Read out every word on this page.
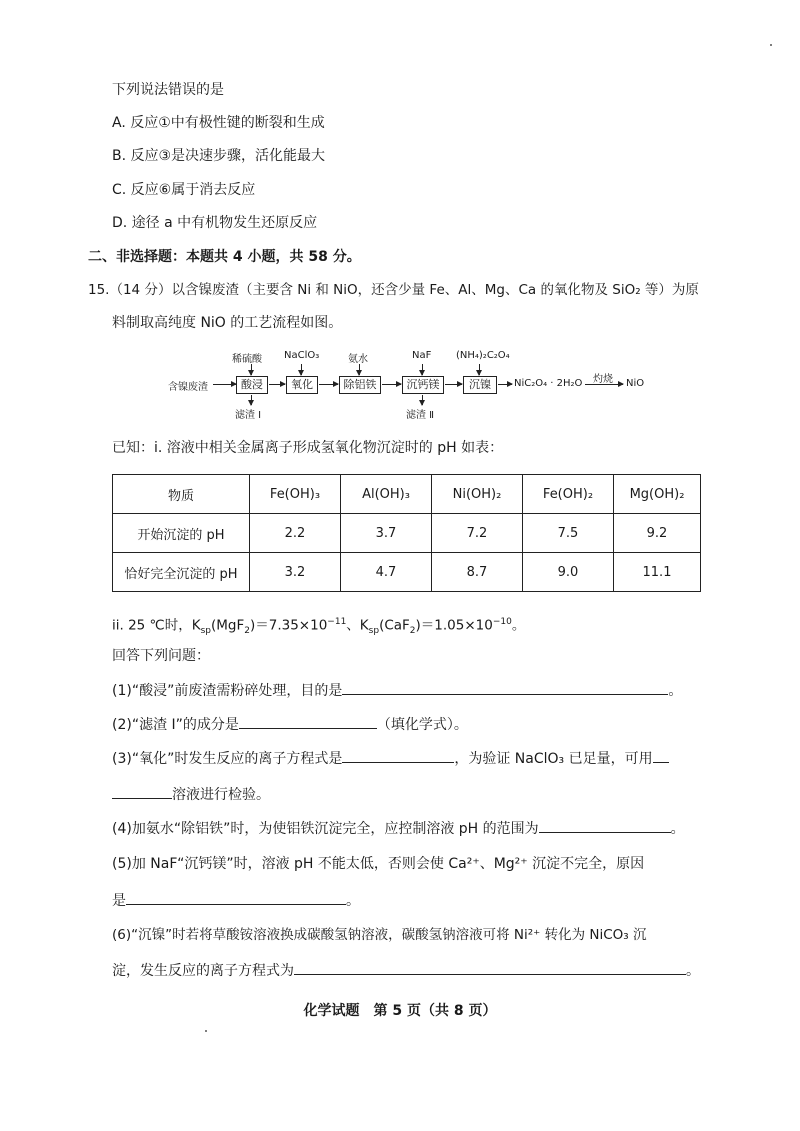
下列说法错误的是
A. 反应①中有极性键的断裂和生成
B. 反应③是决速步骤，活化能最大
C. 反应⑥属于消去反应
D. 途径 a 中有机物发生还原反应
二、非选择题：本题共 4 小题，共 58 分。
15.（14 分）以含镍废渣（主要含 Ni 和 NiO，还含少量 Fe、Al、Mg、Ca 的氧化物及 SiO₂ 等）为原
料制取高纯度 NiO 的工艺流程如图。
含镍废渣	酸浸
稀硫酸
滤渣 Ⅰ
氧化
NaClO₃
除铝铁
氨水
沉钙镁
NaF
滤渣 Ⅱ
沉镍
(NH₄)₂C₂O₄
NiC₂O₄ · 2H₂O 灼烧 NiO
已知：i. 溶液中相关金属离子形成氢氧化物沉淀时的 pH 如表：
物质	Fe(OH)₃	Al(OH)₃	Ni(OH)₂	Fe(OH)₂	Mg(OH)₂
开始沉淀的 pH	2.2	3.7	7.2	7.5	9.2
恰好完全沉淀的 pH	3.2	4.7	8.7	9.0	11.1
ii. 25 ℃时，$K_{sp}(MgF_2)=7.35\times 10^{-11}$、$K_{sp}(CaF_2)=1.05\times 10^{-10}$。
回答下列问题：
(1)“酸浸”前废渣需粉碎处理，目的是	。
(2)“滤渣 Ⅰ”的成分是	（填化学式）。
(3)“氧化”时发生反应的离子方程式是	，为验证 NaClO₃ 已足量，可用
溶液进行检验。
(4)加氨水“除铝铁”时，为使铝铁沉淀完全，应控制溶液 pH 的范围为	。
(5)加 NaF“沉钙镁”时，溶液 pH 不能太低，否则会使 Ca²⁺、Mg²⁺ 沉淀不完全，原因
是	。
(6)“沉镍”时若将草酸铵溶液换成碳酸氢钠溶液，碳酸氢钠溶液可将 Ni²⁺ 转化为 NiCO₃ 沉
淀，发生反应的离子方程式为	。
化学试题　第 5 页（共 8 页）
